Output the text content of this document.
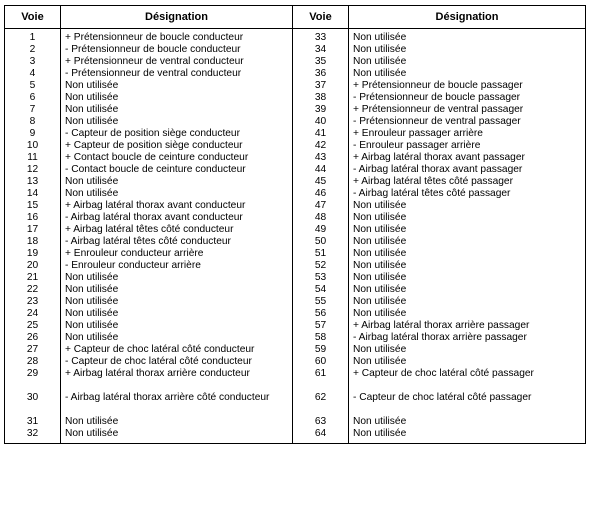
Voie	Désignation	Voie	Désignation
1	+ Prétensionneur de boucle conducteur	33	Non utilisée
2	- Prétensionneur de boucle conducteur	34	Non utilisée
3	+ Prétensionneur de ventral conducteur	35	Non utilisée
4	- Prétensionneur de ventral conducteur	36	Non utilisée
5	Non utilisée	37	+ Prétensionneur de boucle passager
6	Non utilisée	38	- Prétensionneur de boucle passager
7	Non utilisée	39	+ Prétensionneur de ventral passager
8	Non utilisée	40	- Prétensionneur de ventral passager
9	- Capteur de position siège conducteur	41	+ Enrouleur passager arrière
10	+ Capteur de position siège conducteur	42	- Enrouleur passager arrière
11	+ Contact boucle de ceinture conducteur	43	+ Airbag latéral thorax avant passager
12	- Contact boucle de ceinture conducteur	44	- Airbag latéral thorax avant passager
13	Non utilisée	45	+ Airbag latéral têtes côté passager
14	Non utilisée	46	- Airbag latéral têtes côté passager
15	+ Airbag latéral thorax avant conducteur	47	Non utilisée
16	- Airbag latéral thorax avant conducteur	48	Non utilisée
17	+ Airbag latéral têtes côté conducteur	49	Non utilisée
18	- Airbag latéral têtes côté conducteur	50	Non utilisée
19	+ Enrouleur conducteur arrière	51	Non utilisée
20	- Enrouleur conducteur arrière	52	Non utilisée
21	Non utilisée	53	Non utilisée
22	Non utilisée	54	Non utilisée
23	Non utilisée	55	Non utilisée
24	Non utilisée	56	Non utilisée
25	Non utilisée	57	+ Airbag latéral thorax arrière passager
26	Non utilisée	58	- Airbag latéral thorax arrière passager
27	+ Capteur de choc latéral côté conducteur	59	Non utilisée
28	- Capteur de choc latéral côté conducteur	60	Non utilisée
29	+ Airbag latéral thorax arrière conducteur	61	+ Capteur de choc latéral côté passager
30	- Airbag latéral thorax arrière côté conducteur	62	- Capteur de choc latéral côté passager
31	Non utilisée	63	Non utilisée
32	Non utilisée	64	Non utilisée
